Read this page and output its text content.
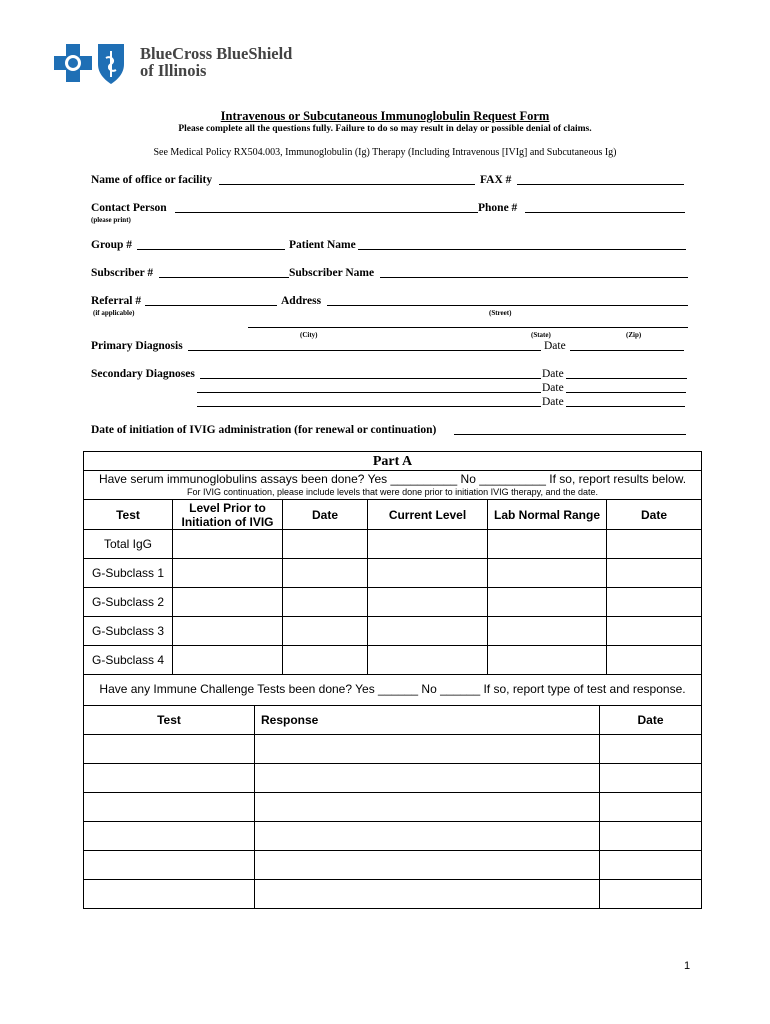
BlueCross BlueShield
of Illinois
Intravenous or Subcutaneous Immunoglobulin Request Form
Please complete all the questions fully. Failure to do so may result in delay or possible denial of claims.
See Medical Policy RX504.003, Immunoglobulin (Ig) Therapy (Including Intravenous [IVIg] and Subcutaneous Ig)
Name of office or facility	FAX #
Contact Person	Phone #
(please print)
Group #	Patient Name
Subscriber #	Subscriber Name
Referral #	Address
(if applicable)	(Street)
(City)	(State)	(Zip)
Primary Diagnosis	Date
Secondary Diagnoses	Date
Date
Date
Date of initiation of IVIG administration (for renewal or continuation)
Part A
Have serum immunoglobulins assays been done? Yes __________ No __________ If so, report results below.
For IVIG continuation, please include levels that were done prior to initiation IVIG therapy, and the date.
Test	Level Prior to Initiation of IVIG	Date	Current Level	Lab Normal Range	Date
Total IgG					
G-Subclass 1					
G-Subclass 2					
G-Subclass 3					
G-Subclass 4					
Have any Immune Challenge Tests been done? Yes ______ No ______ If so, report type of test and response.
Test	Response	Date

1
